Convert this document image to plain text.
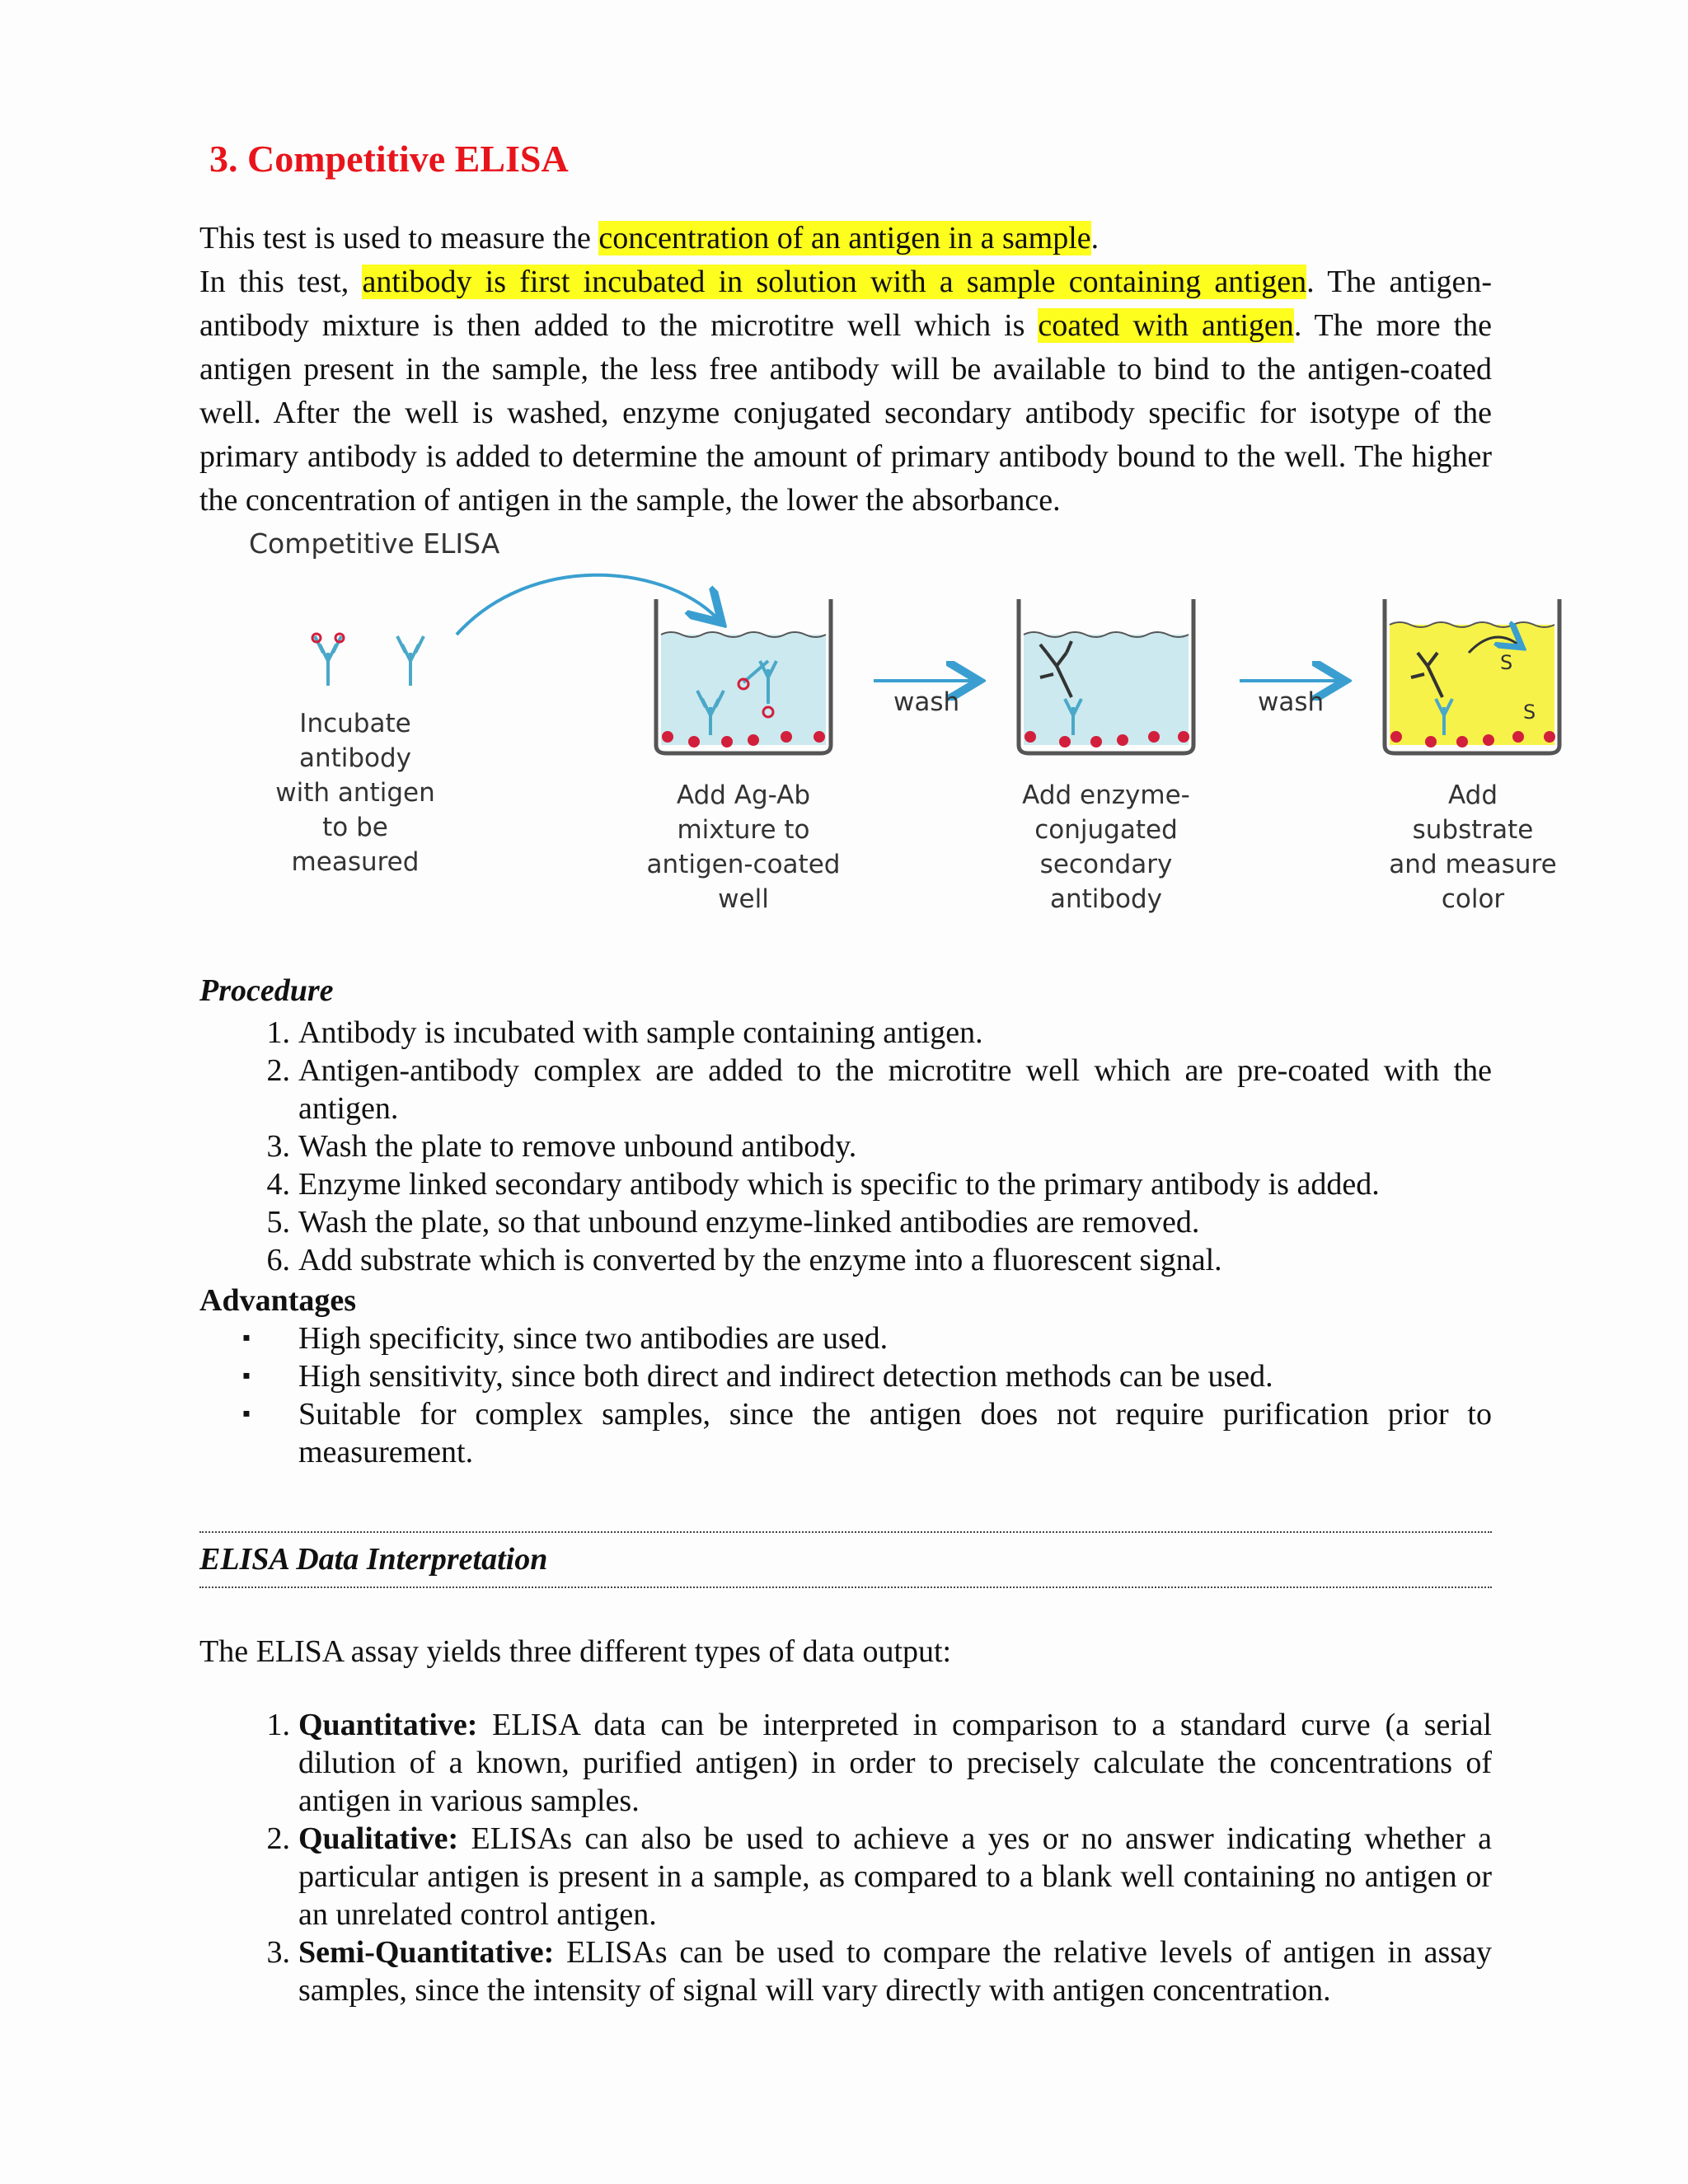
3. Competitive ELISA

This test is used to measure the concentration of an antigen in a sample.
In this test, antibody is first incubated in solution with a sample containing antigen. The antigen-antibody mixture is then added to the microtitre well which is coated with antigen. The more the antigen present in the sample, the less free antibody will be available to bind to the antigen-coated well. After the well is washed, enzyme conjugated secondary antibody specific for isotype of the primary antibody is added to determine the amount of primary antibody bound to the well. The higher the concentration of antigen in the sample, the lower the absorbance.

Competitive ELISA
Incubate antibody with antigen to be measured
Add Ag-Ab mixture to antigen-coated well
Add enzyme-conjugated secondary antibody
Add substrate and measure color
wash	wash
S
S
Procedure
1. Antibody is incubated with sample containing antigen.
2. Antigen-antibody complex are added to the microtitre well which are pre-coated with the antigen.
3. Wash the plate to remove unbound antibody.
4. Enzyme linked secondary antibody which is specific to the primary antibody is added.
5. Wash the plate, so that unbound enzyme-linked antibodies are removed.
6. Add substrate which is converted by the enzyme into a fluorescent signal.
Advantages
▪ High specificity, since two antibodies are used.
▪ High sensitivity, since both direct and indirect detection methods can be used.
▪ Suitable for complex samples, since the antigen does not require purification prior to measurement.
ELISA Data Interpretation

The ELISA assay yields three different types of data output:

1. Quantitative: ELISA data can be interpreted in comparison to a standard curve (a serial dilution of a known, purified antigen) in order to precisely calculate the concentrations of antigen in various samples.
2. Qualitative: ELISAs can also be used to achieve a yes or no answer indicating whether a particular antigen is present in a sample, as compared to a blank well containing no antigen or an unrelated control antigen.
3. Semi-Quantitative: ELISAs can be used to compare the relative levels of antigen in assay samples, since the intensity of signal will vary directly with antigen concentration.
